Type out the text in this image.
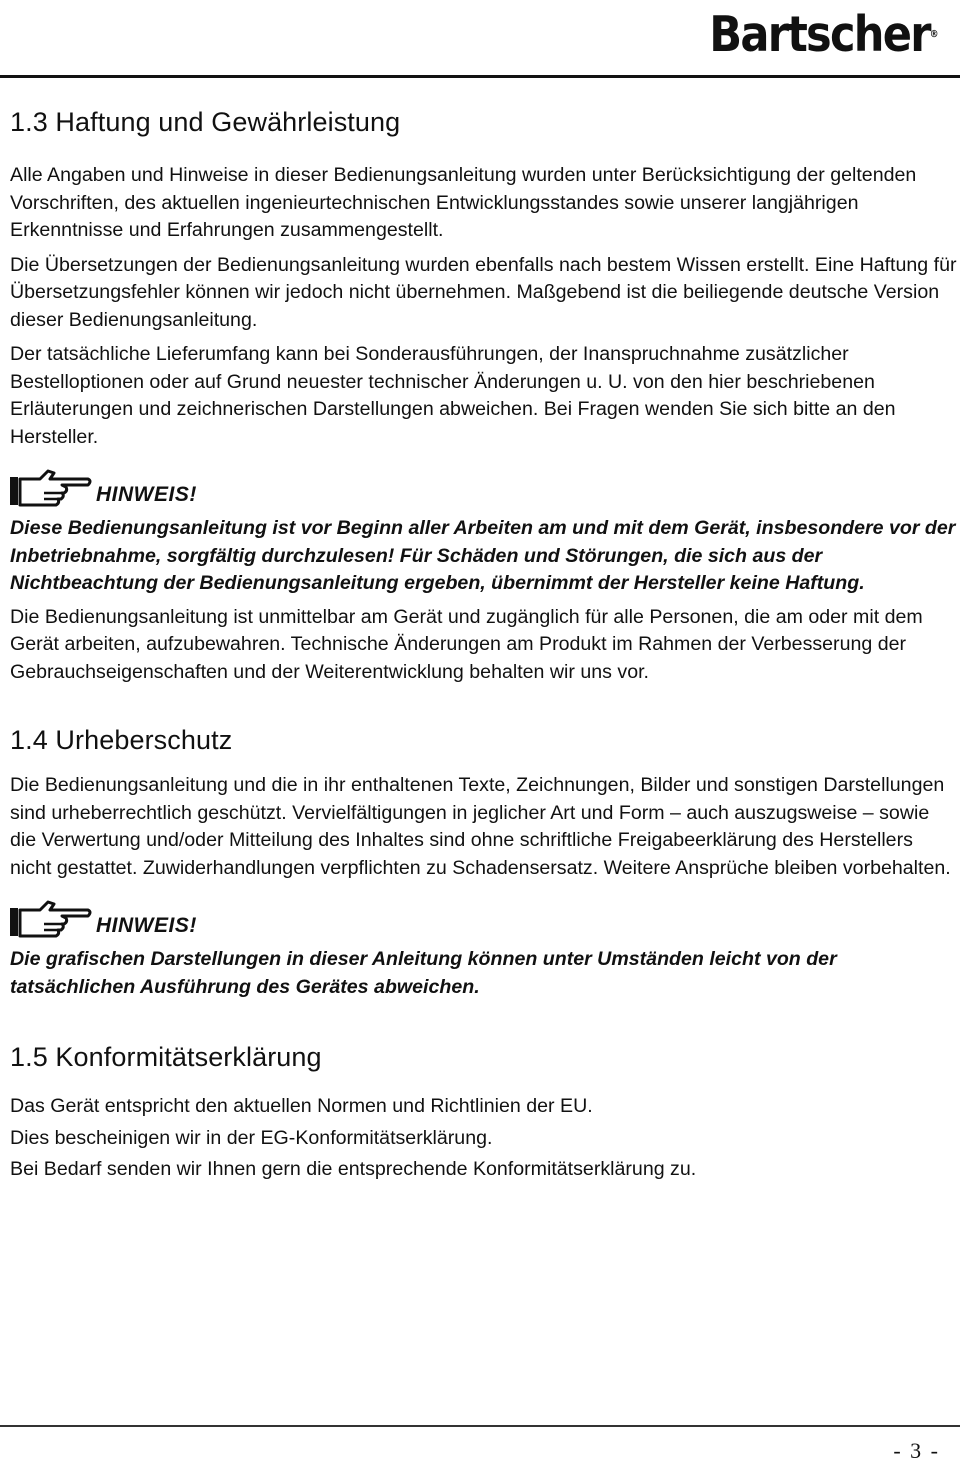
Bartscher®
1.3 Haftung und Gewährleistung

Alle Angaben und Hinweise in dieser Bedienungsanleitung wurden unter Berücksichtigung der geltenden Vorschriften, des aktuellen ingenieurtechnischen Entwicklungsstandes sowie unserer langjährigen Erkenntnisse und Erfahrungen zusammengestellt.

Die Übersetzungen der Bedienungsanleitung wurden ebenfalls nach bestem Wissen erstellt. Eine Haftung für Übersetzungsfehler können wir jedoch nicht übernehmen. Maßgebend ist die beiliegende deutsche Version dieser Bedienungsanleitung.

Der tatsächliche Lieferumfang kann bei Sonderausführungen, der Inanspruchnahme zusätzlicher Bestelloptionen oder auf Grund neuester technischer Änderungen u. U. von den hier beschriebenen Erläuterungen und zeichnerischen Darstellungen abweichen. Bei Fragen wenden Sie sich bitte an den Hersteller.

HINWEIS!

Diese Bedienungsanleitung ist vor Beginn aller Arbeiten am und mit dem Gerät, insbesondere vor der Inbetriebnahme, sorgfältig durchzulesen! Für Schäden und Störungen, die sich aus der Nichtbeachtung der Bedienungsanleitung ergeben, übernimmt der Hersteller keine Haftung.

Die Bedienungsanleitung ist unmittelbar am Gerät und zugänglich für alle Personen, die am oder mit dem Gerät arbeiten, aufzubewahren. Technische Änderungen am Produkt im Rahmen der Verbesserung der Gebrauchseigenschaften und der Weiterentwicklung behalten wir uns vor.

1.4 Urheberschutz

Die Bedienungsanleitung und die in ihr enthaltenen Texte, Zeichnungen, Bilder und sonstigen Darstellungen sind urheberrechtlich geschützt. Vervielfältigungen in jeglicher Art und Form – auch auszugsweise – sowie die Verwertung und/oder Mitteilung des Inhaltes sind ohne schriftliche Freigabeerklärung des Herstellers nicht gestattet. Zuwiderhandlungen verpflichten zu Schadensersatz. Weitere Ansprüche bleiben vorbehalten.

HINWEIS!

Die grafischen Darstellungen in dieser Anleitung können unter Umständen leicht von der tatsächlichen Ausführung des Gerätes abweichen.

1.5 Konformitätserklärung

Das Gerät entspricht den aktuellen Normen und Richtlinien der EU.

Dies bescheinigen wir in der EG-Konformitätserklärung.

Bei Bedarf senden wir Ihnen gern die entsprechende Konformitätserklärung zu.

- 3 -
